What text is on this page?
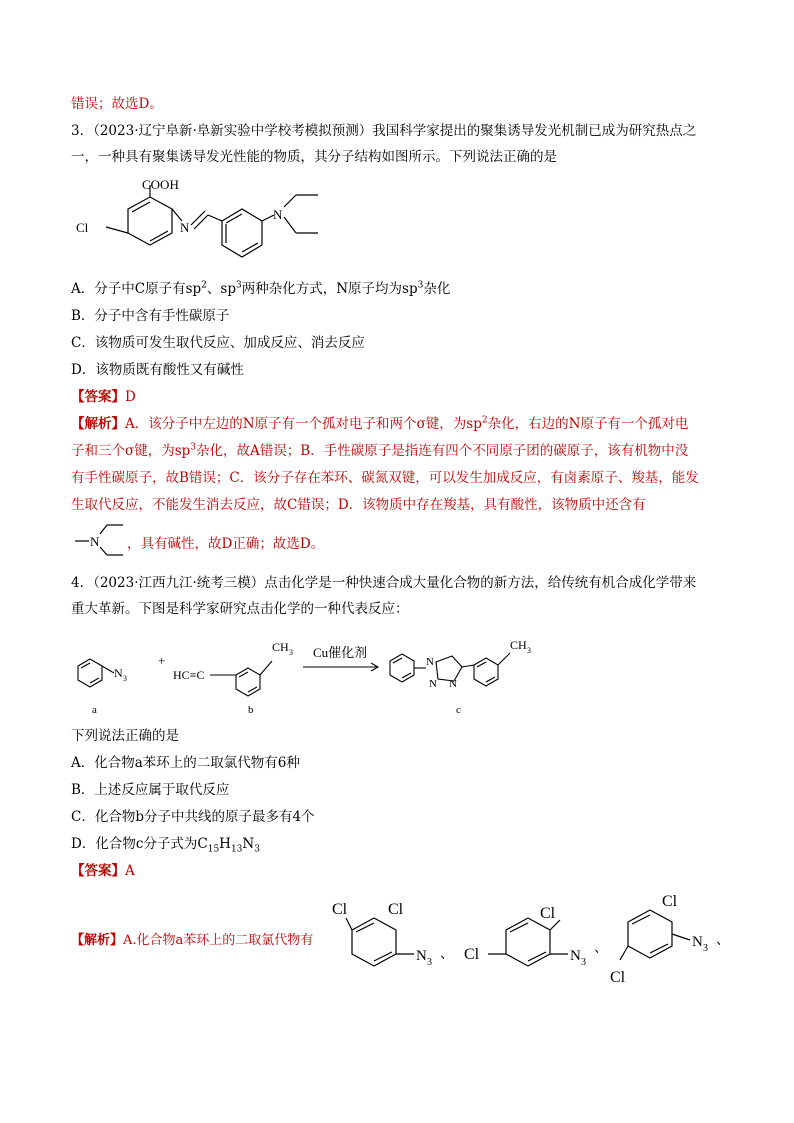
错误；故选D。
3．（2023·辽宁阜新·阜新实验中学校考模拟预测）我国科学家提出的聚集诱导发光机制已成为研究热点之
一，一种具有聚集诱导发光性能的物质，其分子结构如图所示。下列说法正确的是
COOH
Cl	N
N
A．分子中C原子有$sp^2$、$sp^3$两种杂化方式，N原子均为$sp^3$杂化
B．分子中含有手性碳原子
C．该物质可发生取代反应、加成反应、消去反应
D．该物质既有酸性又有碱性
【答案】D
【解析】A．该分子中左边的N原子有一个孤对电子和两个σ键，为$sp^2$杂化，右边的N原子有一个孤对电
子和三个σ键，为$sp^3$杂化，故A错误；B．手性碳原子是指连有四个不同原子团的碳原子，该有机物中没
有手性碳原子，故B错误；C．该分子存在苯环、碳氮双键，可以发生加成反应，有卤素原子、羧基，能发
生取代反应，不能发生消去反应，故C错误；D．该物质中存在羧基，具有酸性，该物质中还含有
N ，具有碱性，故D正确；故选D。
4．（2023·江西九江·统考三模）点击化学是一种快速合成大量化合物的新方法，给传统有机合成化学带来
重大革新。下图是科学家研究点击化学的一种代表反应：
N 3
+
HC≡C
CH 3 Cu催化剂
N
N N
CH 3
a	b	c
下列说法正确的是
A．化合物a苯环上的二取氯代物有6种
B．上述反应属于取代反应
C．化合物b分子中共线的原子最多有4个
D．化合物c分子式为$C_{15}H_{13}N_3$
【答案】A
【解析】A.化合物a苯环上的二取氯代物有
Cl	Cl
N 3
、 Cl
Cl
N 3
、
Cl
N 3
、
Cl
